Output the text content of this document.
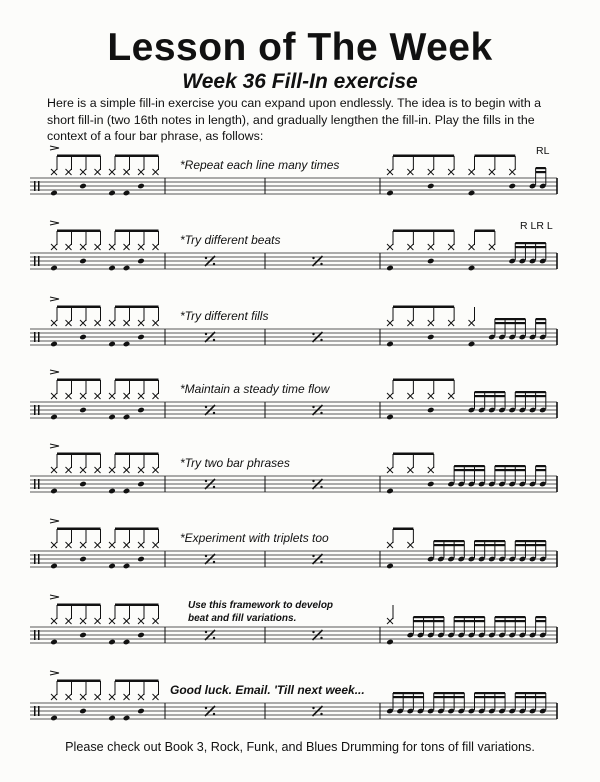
Lesson of The Week
Week 36 Fill-In exercise
Here is a simple fill-in exercise you can expand upon endlessly. The idea is to begin with a short fill-in (two 16th notes in length), and gradually lengthen the fill-in. Play the fills in the context of a four bar phrase, as follows:
*Repeat each line many times
RL
*Try different beats
R LR L
*Try different fills
*Maintain a steady time flow
*Try two bar phrases
*Experiment with triplets too
Use this framework to develop
beat and fill variations.
Good luck. Email. 'Till next week...
Please check out Book 3, Rock, Funk, and Blues Drumming for tons of fill variations.
